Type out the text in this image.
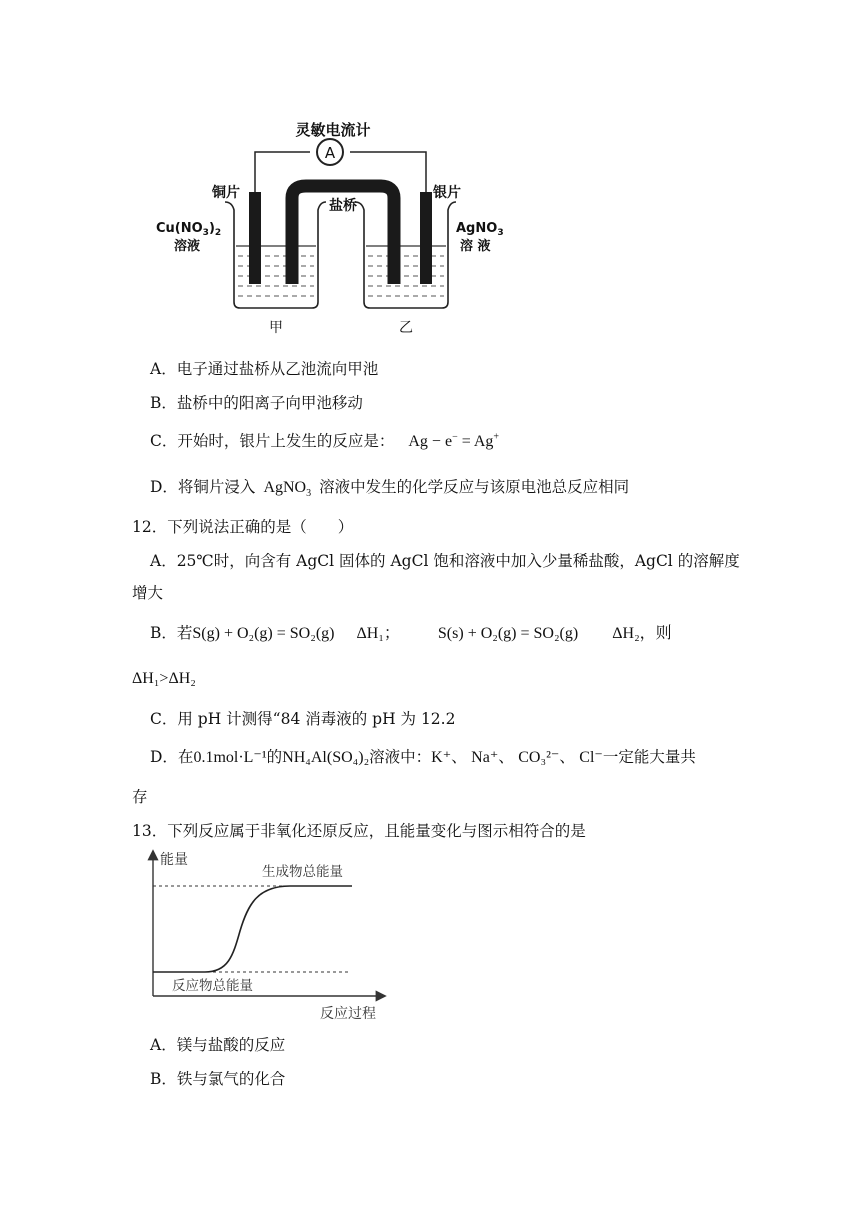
A
灵敏电流计
盐桥
铜片	银片
$Cu(NO_3)_2$
溶液
AgNO$_3$
溶 液
甲	乙
A．电子通过盐桥从乙池流向甲池
B．盐桥中的阳离子向甲池移动
C．开始时，银片上发生的反应是： Ag − e− = Ag+
D．将铜片浸入 AgNO$_3$ 溶液中发生的化学反应与该原电池总反应相同
12．下列说法正确的是（　　）
A．25℃时，向含有 AgCl 固体的 AgCl 饱和溶液中加入少量稀盐酸，AgCl 的溶解度
增大
B．若S(g) + O₂(g) = SO₂(g) ΔH₁； S(s) + O₂(g) = SO₂(g) ΔH₂，则
ΔH₁>ΔH₂
C．用 pH 计测得“84 消毒液的 pH 为 12.2
D．在0.1mol·L⁻¹的NH₄Al(SO₄)₂溶液中：K⁺、 Na⁺、 CO₃²⁻、 Cl⁻一定能大量共
存
13．下列反应属于非氧化还原反应，且能量变化与图示相符合的是
能量
反应过程
生成物总能量
反应物总能量
A．镁与盐酸的反应
B．铁与氯气的化合
